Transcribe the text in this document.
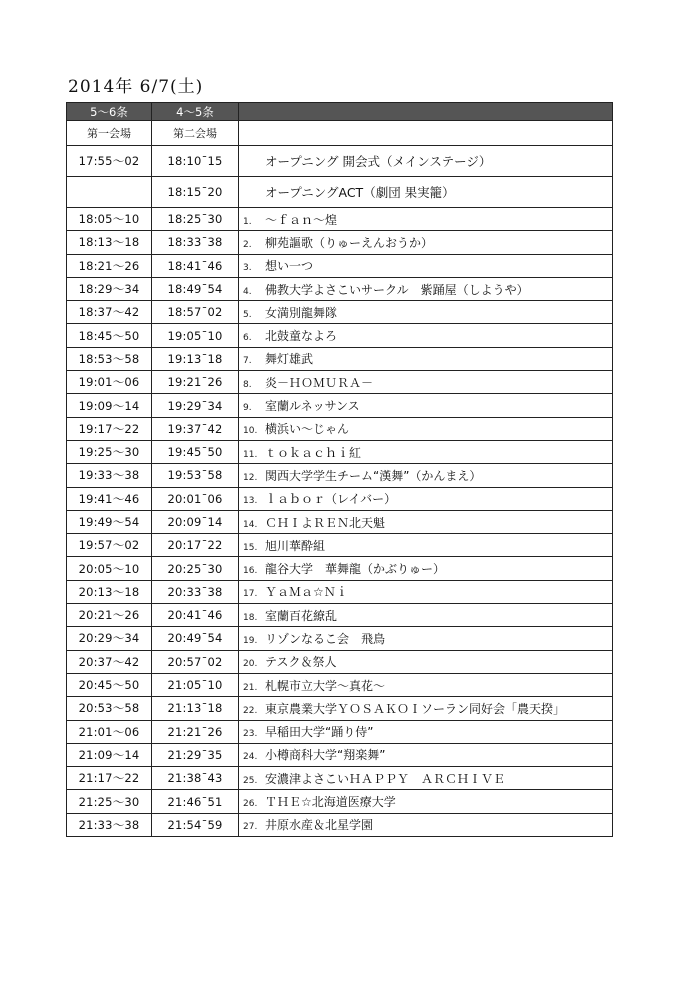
2014年 6/7(土)
5〜6条	4〜5条	
第一会場	第二会場	
17:55〜02	18:10¯15	オープニング 開会式（メインステージ）
	18:15¯20	オープニングACT（劇団 果実籠）
18:05〜10	18:25¯30	1. 〜ｆａｎ〜煌
18:13〜18	18:33¯38	2. 柳苑謳歌（りゅーえんおうか）
18:21〜26	18:41¯46	3. 想い一つ
18:29〜34	18:49¯54	4. 佛教大学よさこいサークル　紫踊屋（しようや）
18:37〜42	18:57¯02	5. 女満別龍舞隊
18:45〜50	19:05¯10	6. 北鼓童なよろ
18:53〜58	19:13¯18	7. 舞灯雄武
19:01〜06	19:21¯26	8. 炎－ＨＯＭＵＲＡ－
19:09〜14	19:29¯34	9. 室蘭ルネッサンス
19:17〜22	19:37¯42	10. 横浜い〜じゃん
19:25〜30	19:45¯50	11. ｔｏｋａｃｈｉ紅
19:33〜38	19:53¯58	12. 関西大学学生チーム“漢舞”（かんまえ）
19:41〜46	20:01¯06	13. ｌａｂｏｒ（レイバー）
19:49〜54	20:09¯14	14. ＣＨＩよＲＥＮ北天魁
19:57〜02	20:17¯22	15. 旭川華酔組
20:05〜10	20:25¯30	16. 龍谷大学　華舞龍（かぶりゅー）
20:13〜18	20:33¯38	17. ＹａＭａ☆Ｎｉ
20:21〜26	20:41¯46	18. 室蘭百花繚乱
20:29〜34	20:49¯54	19. リゾンなるこ会　飛鳥
20:37〜42	20:57¯02	20. テスク＆祭人
20:45〜50	21:05¯10	21. 札幌市立大学〜真花〜
20:53〜58	21:13¯18	22. 東京農業大学ＹＯＳＡＫＯＩソーラン同好会「農天揆」
21:01〜06	21:21¯26	23. 早稲田大学“踊り侍”
21:09〜14	21:29¯35	24. 小樽商科大学“翔楽舞”
21:17〜22	21:38¯43	25. 安濃津よさこいＨＡＰＰＹ　ＡＲＣＨＩＶＥ
21:25〜30	21:46¯51	26. ＴＨＥ☆北海道医療大学
21:33〜38	21:54¯59	27. 井原水産＆北星学園
